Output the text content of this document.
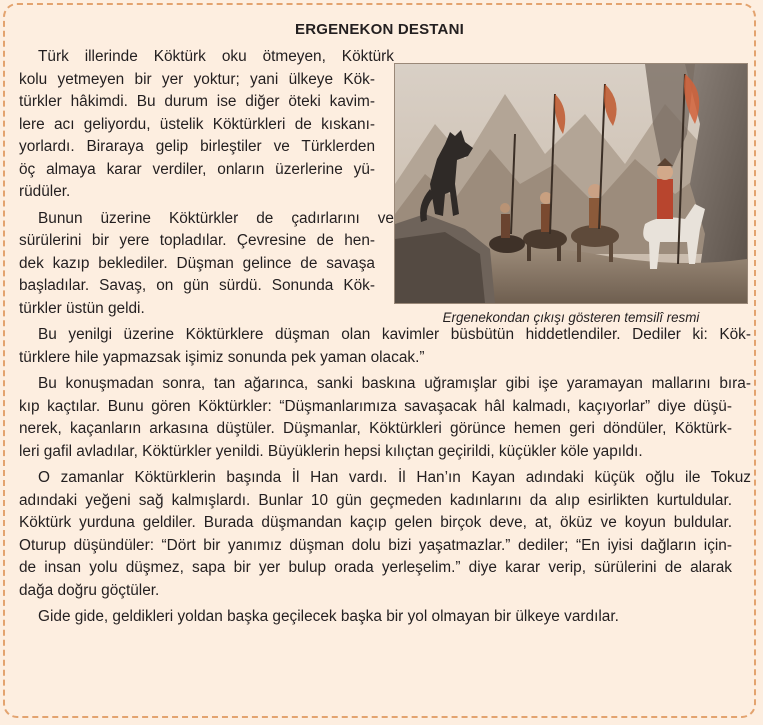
ERGENEKON DESTANI
Türk illerinde Köktürk oku ötmeyen, Köktürk
kolu yetmeyen bir yer yoktur; yani ülkeye Kök-
türkler hâkimdi. Bu durum ise diğer öteki kavim-
lere acı geliyordu, üstelik Köktürkleri de kıskanı-
yorlardı. Biraraya gelip birleştiler ve Türklerden
öç almaya karar verdiler, onların üzerlerine yü-
rüdüler.
Bunun üzerine Köktürkler de çadırlarını ve
sürülerini bir yere topladılar. Çevresine de hen-
dek kazıp beklediler. Düşman gelince de savaşa
başladılar. Savaş, on gün sürdü. Sonunda Kök-
türkler üstün geldi.
Bu yenilgi üzerine Köktürklere düşman olan kavimler büsbütün hiddetlendiler. Dediler ki: Kök-
türklere hile yapmazsak işimiz sonunda pek yaman olacak.”
Bu konuşmadan sonra, tan ağarınca, sanki baskına uğramışlar gibi işe yaramayan mallarını bıra-
kıp kaçtılar. Bunu gören Köktürkler: “Düşmanlarımıza savaşacak hâl kalmadı, kaçıyorlar” diye düşü-
nerek, kaçanların arkasına düştüler. Düşmanlar, Köktürkleri görünce hemen geri döndüler, Köktürk-
leri gafil avladılar, Köktürkler yenildi. Büyüklerin hepsi kılıçtan geçirildi, küçükler köle yapıldı.
O zamanlar Köktürklerin başında İl Han vardı. İl Han’ın Kayan adındaki küçük oğlu ile Tokuz
adındaki yeğeni sağ kalmışlardı. Bunlar 10 gün geçmeden kadınlarını da alıp esirlikten kurtuldular.
Köktürk yurduna geldiler. Burada düşmandan kaçıp gelen birçok deve, at, öküz ve koyun buldular.
Oturup düşündüler: “Dört bir yanımız düşman dolu bizi yaşatmazlar.” dediler; “En iyisi dağların için-
de insan yolu düşmez, sapa bir yer bulup orada yerleşelim.” diye karar verip, sürülerini de alarak
dağa doğru göçtüler.
Gide gide, geldikleri yoldan başka geçilecek başka bir yol olmayan bir ülkeye vardılar.
Ergenekondan çıkışı gösteren temsilî resmi
